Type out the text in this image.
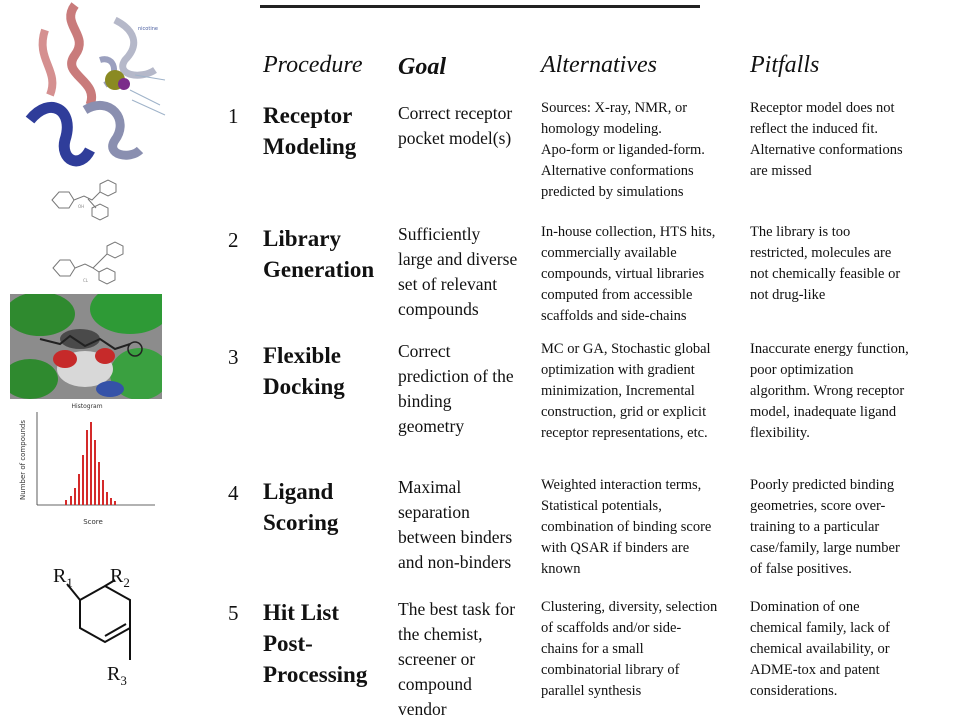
nicotine
OH
CL
Histogram
Number of compounds
Score
$R_1$ $R_2$
$R_3$
Procedure Goal	Alternatives	Pitfalls
1 Receptor
Modeling
Correct receptor
pocket model(s)
Sources: X-ray, NMR, or
homology modeling.
Apo-form or liganded-form.
Alternative conformations
predicted by simulations
Receptor model does not
reflect the induced fit.
Alternative conformations
are missed
2 Library
Generation
Sufficiently
large and diverse
set of relevant
compounds
In-house collection, HTS hits,
commercially available
compounds, virtual libraries
computed from accessible
scaffolds and side-chains
The library is too
restricted, molecules are
not chemically feasible or
not drug-like
3 Flexible
Docking
Correct
prediction of the
binding
geometry
MC or GA, Stochastic global
optimization with gradient
minimization, Incremental
construction, grid or explicit
receptor representations, etc.
Inaccurate energy function,
poor optimization
algorithm. Wrong receptor
model, inadequate ligand
flexibility.
4 Ligand
Scoring
Maximal
separation
between binders
and non-binders
Weighted interaction terms,
Statistical potentials,
combination of binding score
with QSAR if binders are
known
Poorly predicted binding
geometries, score over-
training to a particular
case/family, large number
of false positives.
5 Hit List
Post-
Processing
The best task for
the chemist,
screener or
compound
vendor
Clustering, diversity, selection
of scaffolds and/or side-
chains for a small
combinatorial library of
parallel synthesis
Domination of one
chemical family, lack of
chemical availability, or
ADME-tox and patent
considerations.
